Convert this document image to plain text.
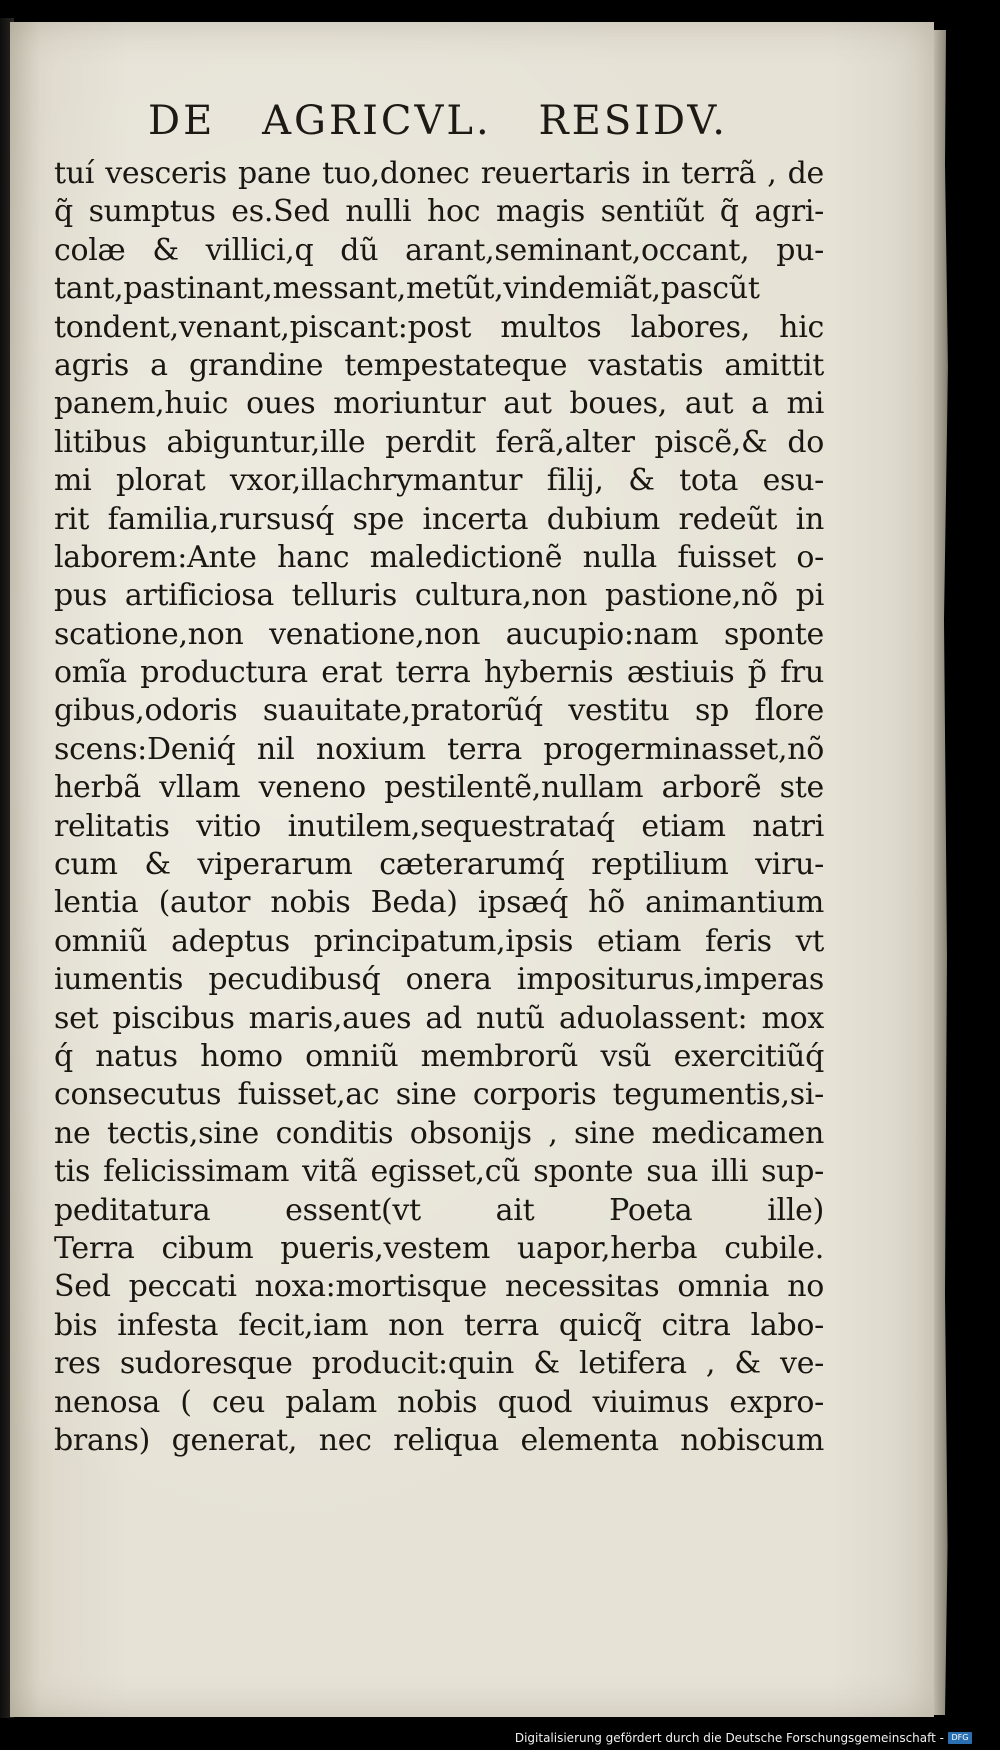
DE AGRICVL. RESIDV.
tuí vesceris pane tuo,donec reuertaris in terrã , de
q̃ sumptus es.Sed nulli hoc magis sentiũt q̃ agri-
colæ & villici,q dũ arant,seminant,occant, pu-
tant,pastinant,messant,metũt,vindemiãt,pascũt
tondent,venant,piscant:post multos labores, hic
agris a grandine tempestateque vastatis amittit
panem,huic oues moriuntur aut boues, aut a mi
litibus abiguntur,ille perdit ferã,alter piscẽ,& do
mi plorat vxor,illachrymantur filij, & tota esu-
rit familia,rursusq́ spe incerta dubium redeũt in
laborem:Ante hanc maledictionẽ nulla fuisset o-
pus artificiosa telluris cultura,non pastione,nõ pi
scatione,non venatione,non aucupio:nam sponte
omĩa productura erat terra hybernis æstiuis p̃ fru
gibus,odoris suauitate,pratorũq́ vestitu sp flore
scens:Deniq́ nil noxium terra progerminasset,nõ
herbã vllam veneno pestilentẽ,nullam arborẽ ste
relitatis vitio inutilem,sequestrataq́ etiam natri
cum & viperarum cæterarumq́ reptilium viru-
lentia (autor nobis Beda) ipsæq́ hõ animantium
omniũ adeptus principatum,ipsis etiam feris vt
iumentis pecudibusq́ onera impositurus,imperas
set piscibus maris,aues ad nutũ aduolassent: mox
q́ natus homo omniũ membrorũ vsũ exercitiũq́
consecutus fuisset,ac sine corporis tegumentis,si-
ne tectis,sine conditis obsonijs , sine medicamen
tis felicissimam vitã egisset,cũ sponte sua illi sup-
peditatura essent(vt ait Poeta ille)
Terra cibum pueris,vestem uapor,herba cubile.
Sed peccati noxa:mortisque necessitas omnia no
bis infesta fecit,iam non terra quicq̃ citra labo-
res sudoresque producit:quin & letifera , & ve-
nenosa ( ceu palam nobis quod viuimus expro-
brans) generat, nec reliqua elementa nobiscum
Digitalisierung gefördert durch die Deutsche Forschungsgemeinschaft - DFG
